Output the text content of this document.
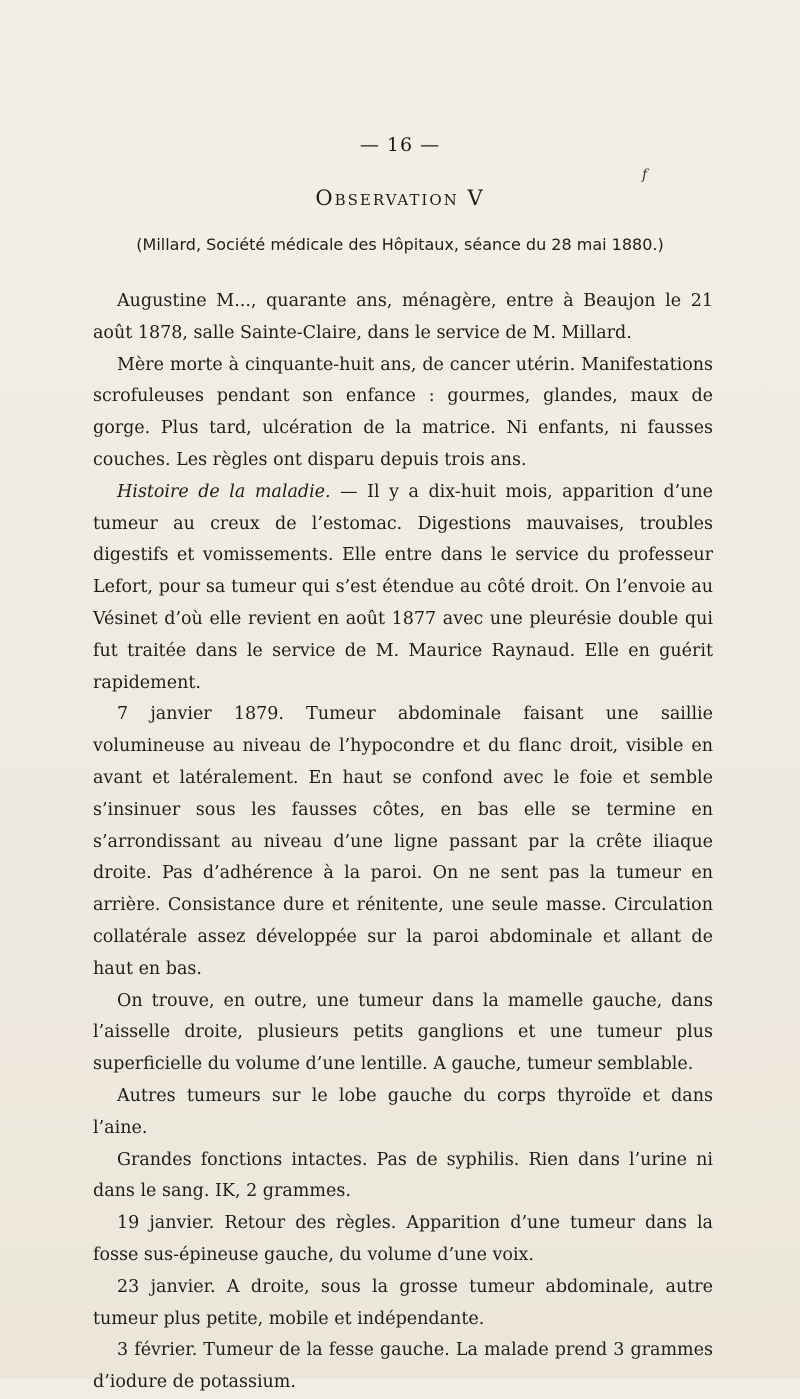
— 16 —
f
Observation V
(Millard, Société médicale des Hôpitaux, séance du 28 mai 1880.)

Augustine M..., quarante ans, ménagère, entre à Beaujon le 21 août 1878, salle Sainte-Claire, dans le service de M. Millard.

Mère morte à cinquante-huit ans, de cancer utérin. Manifestations scrofuleuses pendant son enfance : gourmes, glandes, maux de gorge. Plus tard, ulcération de la matrice. Ni enfants, ni fausses couches. Les règles ont disparu depuis trois ans.

Histoire de la maladie. — Il y a dix-huit mois, apparition d’une tumeur au creux de l’estomac. Digestions mauvaises, troubles digestifs et vomissements. Elle entre dans le service du professeur Lefort, pour sa tumeur qui s’est étendue au côté droit. On l’envoie au Vésinet d’où elle revient en août 1877 avec une pleurésie double qui fut traitée dans le service de M. Maurice Raynaud. Elle en guérit rapidement.

7 janvier 1879. Tumeur abdominale faisant une saillie volumineuse au niveau de l’hypocondre et du flanc droit, visible en avant et latéralement. En haut se confond avec le foie et semble s’insinuer sous les fausses côtes, en bas elle se termine en s’arrondissant au niveau d’une ligne passant par la crête iliaque droite. Pas d’adhérence à la paroi. On ne sent pas la tumeur en arrière. Consistance dure et rénitente, une seule masse. Circulation collatérale assez développée sur la paroi abdominale et allant de haut en bas.

On trouve, en outre, une tumeur dans la mamelle gauche, dans l’aisselle droite, plusieurs petits ganglions et une tumeur plus superficielle du volume d’une lentille. A gauche, tumeur semblable.

Autres tumeurs sur le lobe gauche du corps thyroïde et dans l’aine.

Grandes fonctions intactes. Pas de syphilis. Rien dans l’urine ni dans le sang. IK, 2 grammes.

19 janvier. Retour des règles. Apparition d’une tumeur dans la fosse sus-épineuse gauche, du volume d’une voix.

23 janvier. A droite, sous la grosse tumeur abdominale, autre tumeur plus petite, mobile et indépendante.

3 février. Tumeur de la fesse gauche. La malade prend 3 grammes d’iodure de potassium.
